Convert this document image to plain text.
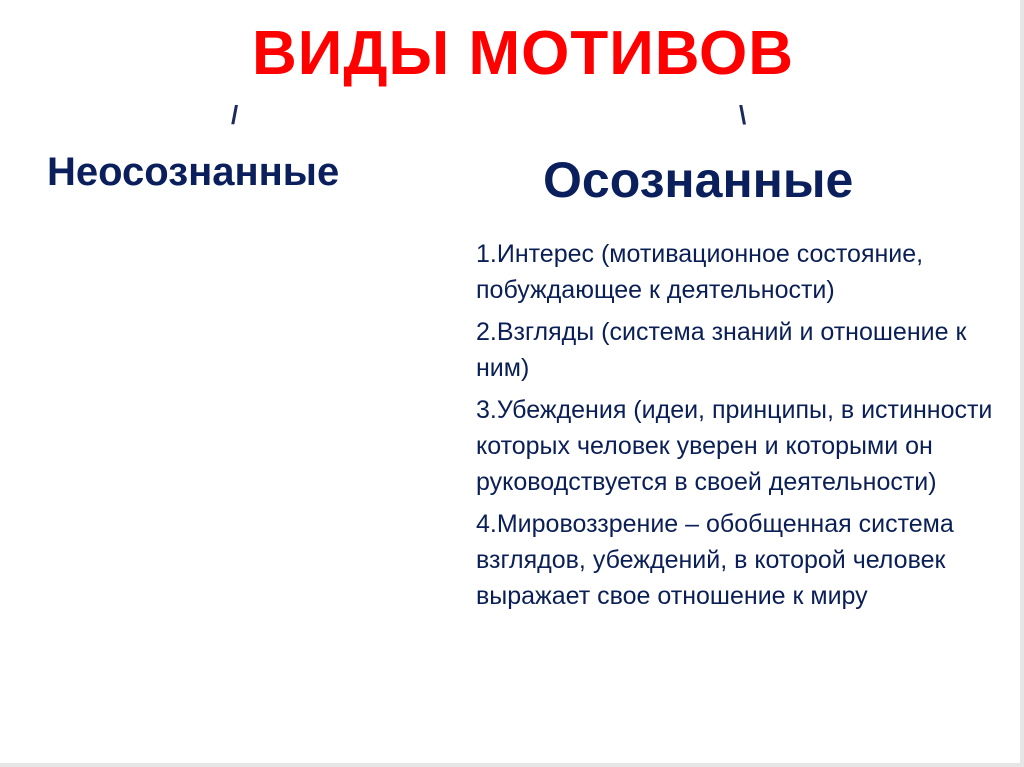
ВИДЫ МОТИВОВ
/	\
Неосознанные	Осознанные
1.Интерес (мотивационное состояние, побуждающее к деятельности)
2.Взгляды (система знаний и отношение к ним)
3.Убеждения (идеи, принципы, в истинности которых человек уверен и которыми он руководствуется в своей деятельности)
4.Мировоззрение – обобщенная система взглядов, убеждений, в которой человек выражает свое отношение к миру
